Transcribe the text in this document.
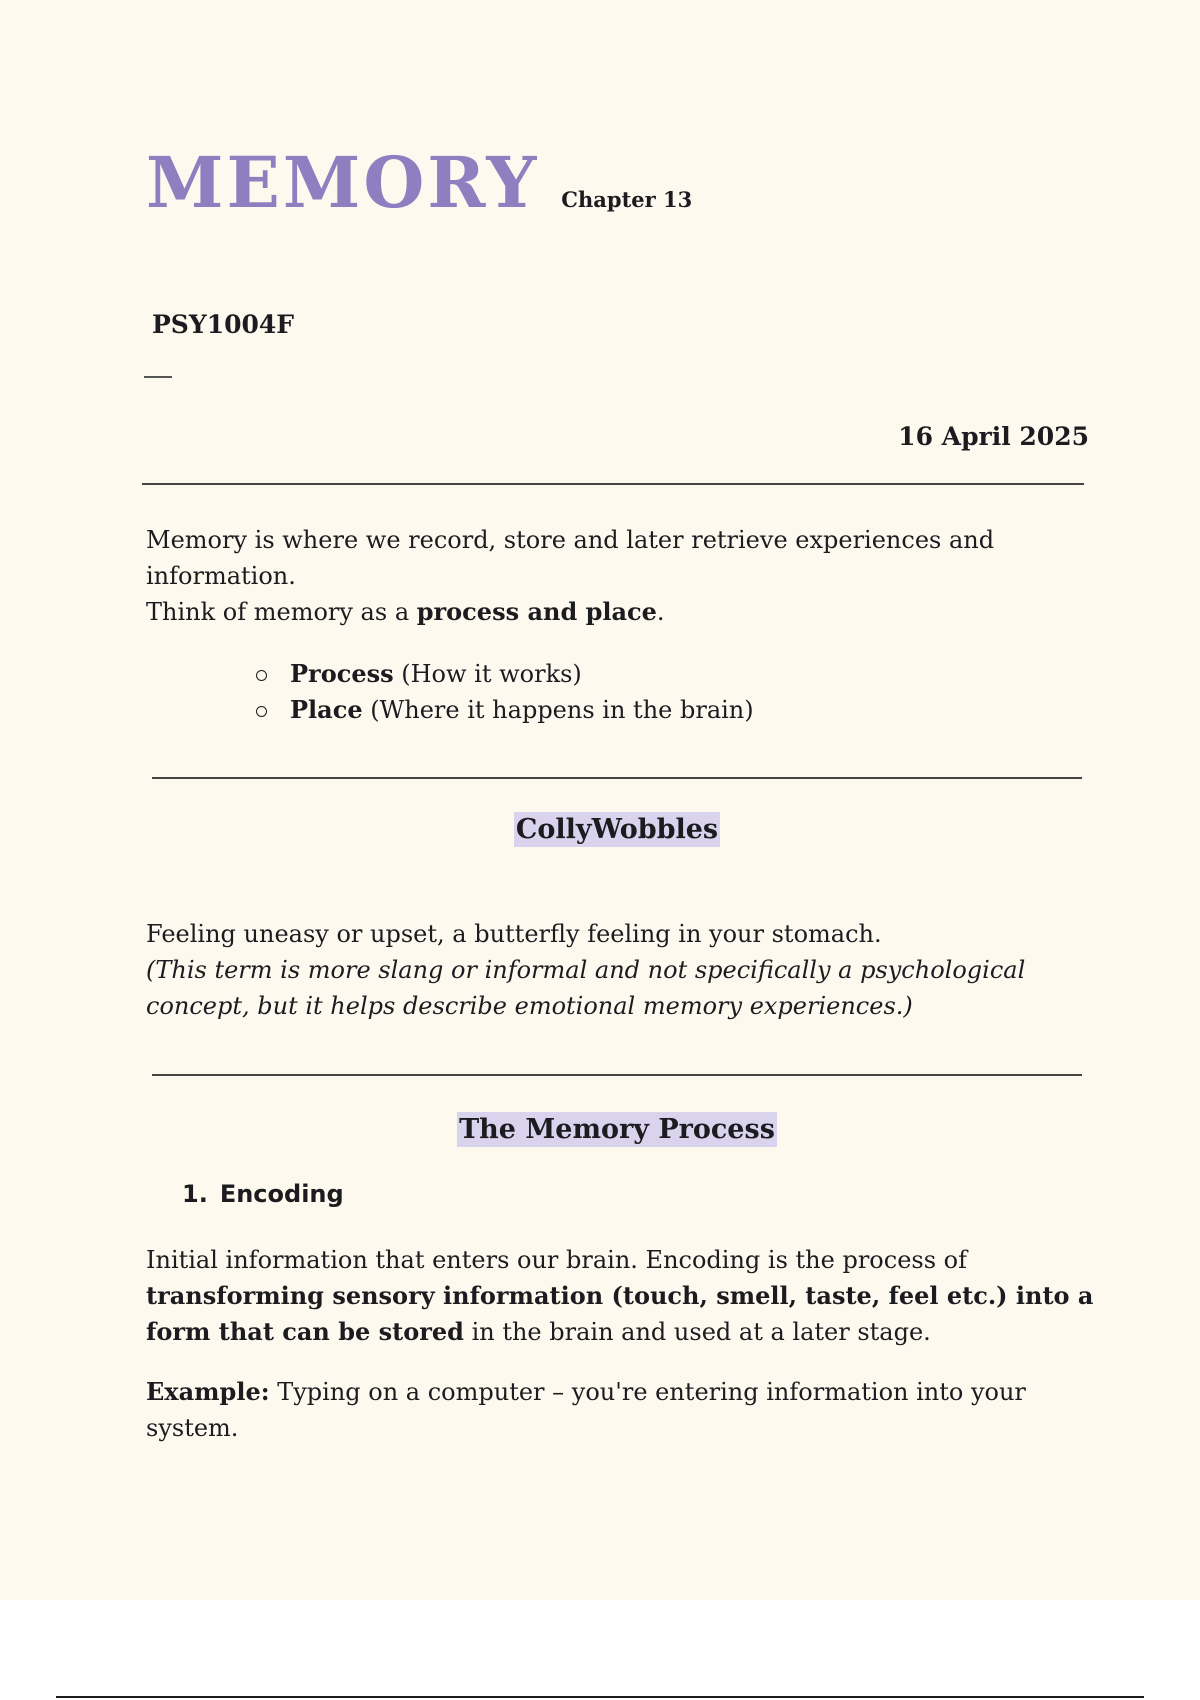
MEMORY Chapter 13
PSY1004F
16 April 2025

Memory is where we record, store and later retrieve experiences and information.
Think of memory as a process and place.

Process (How it works)
Place (Where it happens in the brain)
CollyWobbles

Feeling uneasy or upset, a butterfly feeling in your stomach.
(This term is more slang or informal and not specifically a psychological concept, but it helps describe emotional memory experiences.)

The Memory Process
1. Encoding

Initial information that enters our brain. Encoding is the process of transforming sensory information (touch, smell, taste, feel etc.) into a form that can be stored in the brain and used at a later stage.

Example: Typing on a computer – you're entering information into your system.
